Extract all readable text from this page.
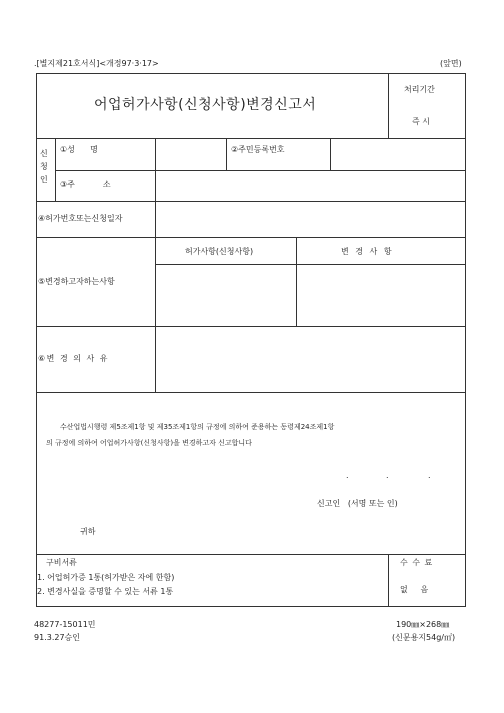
.[별지제21호서식]<개정97·3·17>	(앞면)
어업허가사항(신청사항)변경신고서
처리기간
즉 시
신
청
인
①성      명	②주민등록번호
③주           소
④허가번호또는신청일자
⑤변경하고자하는사항
허가사항(신청사항)	변 경 사 항
⑥변 경 의 사 유
수산업법시행령 제5조제1항 및 제35조제1항의 규정에 의하여 준용하는 동령제24조제1항
의 규정에 의하여 어업허가사항(신청사항)을 변경하고자 신고합니다
.	.	.
신고인   (서명 또는 인)
귀하
구비서류
1. 어업허가증 1통(허가받은 자에 한함)
2. 변경사실을 증명할 수 있는 서류 1통
수 수 료
없     음
48277-15011민
91.3.27승인
190㎜×268㎜
(신문용지54g/㎡)
